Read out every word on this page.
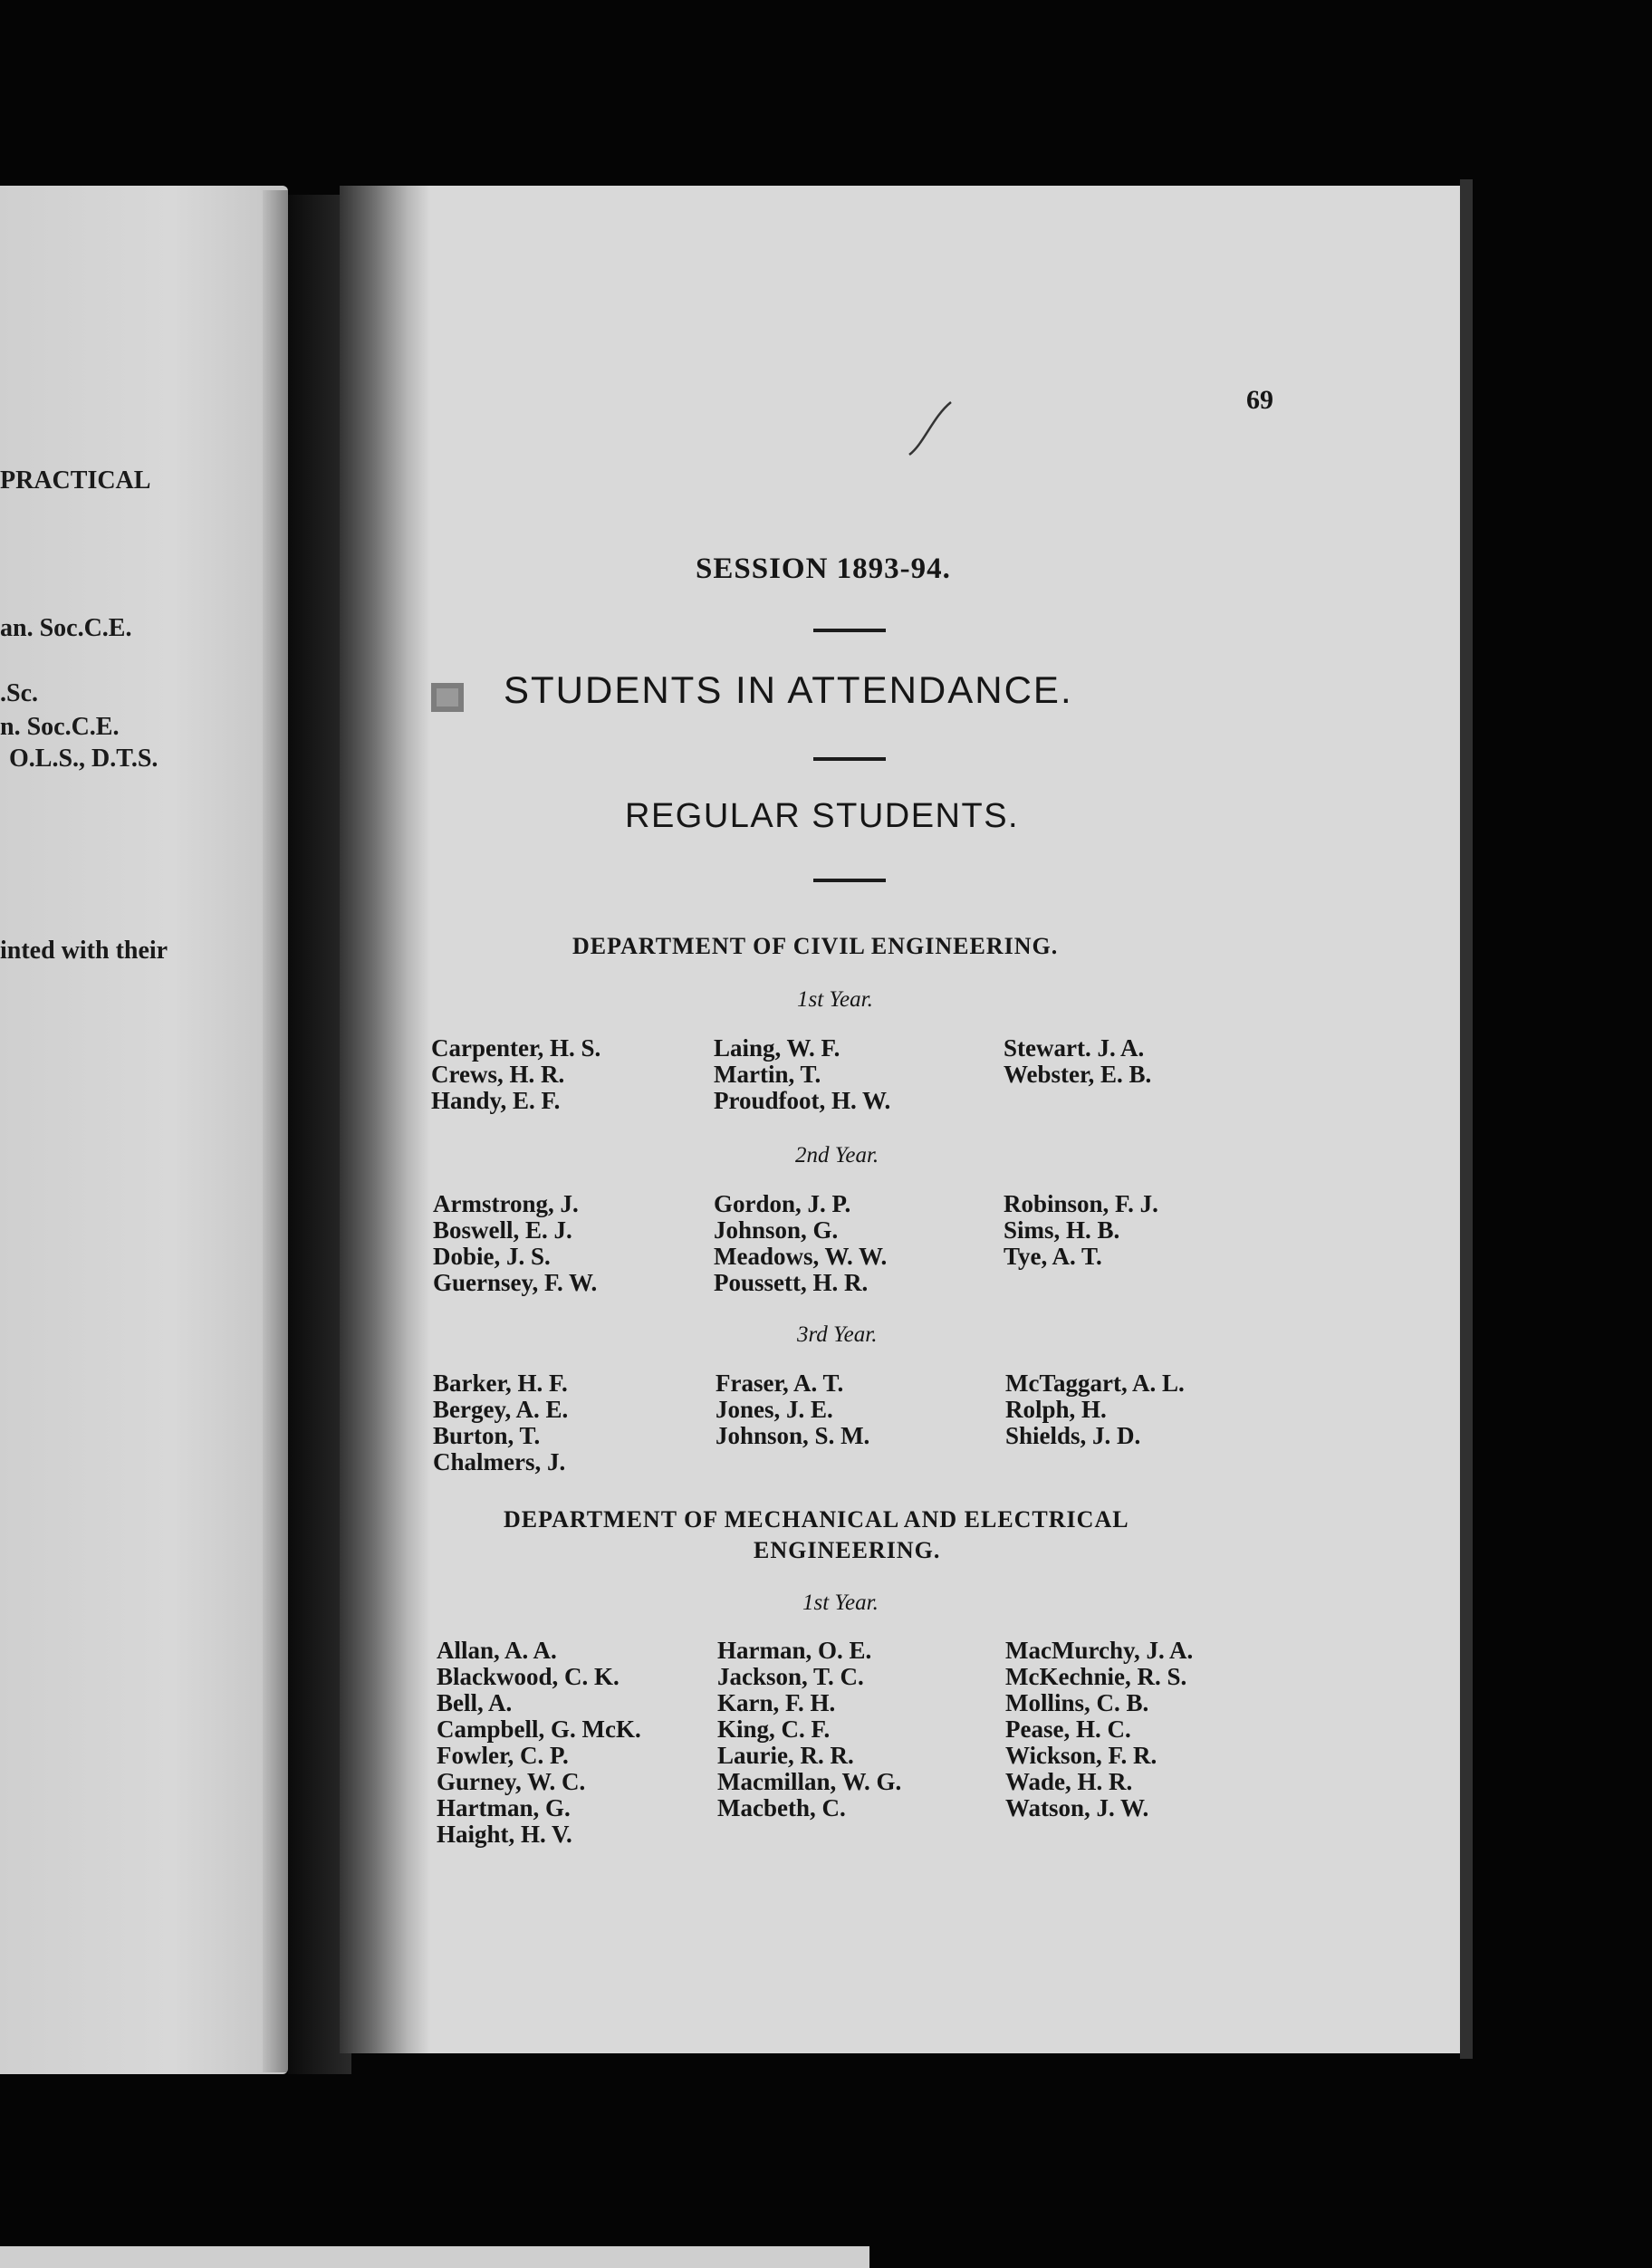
PRACTICAL
an. Soc.C.E.
.Sc.
n. Soc.C.E.
O.L.S., D.T.S.
inted with their
69
SESSION 1893-94.
STUDENTS IN ATTENDANCE.
REGULAR STUDENTS.
DEPARTMENT OF CIVIL ENGINEERING.
1st Year.
Carpenter, H. S.
Crews, H. R.
Handy, E. F.
Laing, W. F.
Martin, T.
Proudfoot, H. W.
Stewart. J. A.
Webster, E. B.
2nd Year.
Armstrong, J.
Boswell, E. J.
Dobie, J. S.
Guernsey, F. W.
Gordon, J. P.
Johnson, G.
Meadows, W. W.
Poussett, H. R.
Robinson, F. J.
Sims, H. B.
Tye, A. T.
3rd Year.
Barker, H. F.
Bergey, A. E.
Burton, T.
Chalmers, J.
Fraser, A. T.
Jones, J. E.
Johnson, S. M.
McTaggart, A. L.
Rolph, H.
Shields, J. D.
DEPARTMENT OF MECHANICAL AND ELECTRICAL
ENGINEERING.
1st Year.
Allan, A. A.
Blackwood, C. K.
Bell, A.
Campbell, G. McK.
Fowler, C. P.
Gurney, W. C.
Hartman, G.
Haight, H. V.
Harman, O. E.
Jackson, T. C.
Karn, F. H.
King, C. F.
Laurie, R. R.
Macmillan, W. G.
Macbeth, C.
MacMurchy, J. A.
McKechnie, R. S.
Mollins, C. B.
Pease, H. C.
Wickson, F. R.
Wade, H. R.
Watson, J. W.
